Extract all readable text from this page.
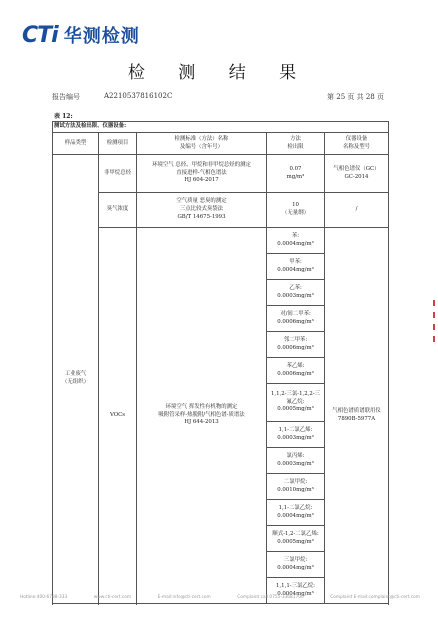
CTi 华测检测
检 测 结 果
报告编号	A2210537816102C	第 25 页 共 28 页
表 12:
测试方法及检出限、仪器设备:				
样品类型	检测项目	检测标准（方法）名称
及编号（含年号）	方法
检出限	仪器设备
名称及型号
工业废气
（无组织）	非甲烷总烃	环境空气 总烃、甲烷和非甲烷总烃的测定
直接进样-气相色谱法
HJ 604-2017	0.07
mg/m³	气相色谱仪（GC）
GC-2014
	臭气浓度	空气质量 恶臭的测定
三点比较式臭袋法
GB/T 14675-1993	10
（无量纲）	/
	VOCs	环境空气 挥发性有机物的测定
吸附管采样-热脱附/气相色谱-质谱法
HJ 644-2013	苯:
0.0004mg/m³	气相色谱质谱联用仪
7890B-5977A
			甲苯:
0.0004mg/m³	
			乙苯:
0.0003mg/m³	
			对/间二甲苯:
0.0006mg/m³	
			邻二甲苯:
0.0006mg/m³	
			苯乙烯:
0.0006mg/m³	
			1,1,2-三氯-1,2,2-三
氟乙烷:
0.0005mg/m³	
			1,1-二氯乙烯:
0.0003mg/m³	
			氯丙烯:
0.0003mg/m³	
			二氯甲烷:
0.0010mg/m³	
			1,1-二氯乙烷:
0.0004mg/m³	
			顺式-1,2-二氯乙烯:
0.0005mg/m³	
			三氯甲烷:
0.0004mg/m³	
			1,1,1-三氯乙烷:
0.0004mg/m³	

Hotline:400-6788-333	www.cti-cert.com	E-mail:info@cti-cert.com	Complaint call 0755-33681700	Complaint E-mail:complaint@cti-cert.com
